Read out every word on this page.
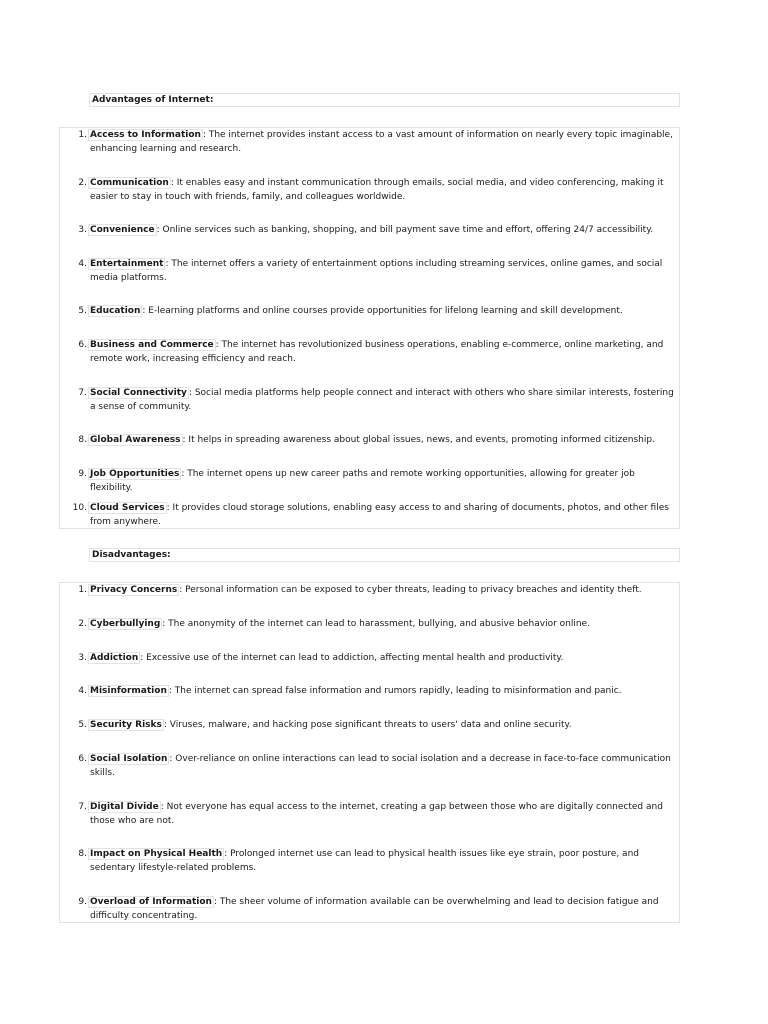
Advantages of Internet:
1. Access to Information : The internet provides instant access to a vast amount of information on nearly every topic imaginable, enhancing learning and research.
2. Communication : It enables easy and instant communication through emails, social media, and video conferencing, making it easier to stay in touch with friends, family, and colleagues worldwide.
3. Convenience : Online services such as banking, shopping, and bill payment save time and effort, offering 24/7 accessibility.
4. Entertainment : The internet offers a variety of entertainment options including streaming services, online games, and social media platforms.
5. Education : E-learning platforms and online courses provide opportunities for lifelong learning and skill development.
6. Business and Commerce : The internet has revolutionized business operations, enabling e-commerce, online marketing, and remote work, increasing efficiency and reach.
7. Social Connectivity : Social media platforms help people connect and interact with others who share similar interests, fostering a sense of community.
8. Global Awareness : It helps in spreading awareness about global issues, news, and events, promoting informed citizenship.
9. Job Opportunities : The internet opens up new career paths and remote working opportunities, allowing for greater job flexibility.
10. Cloud Services : It provides cloud storage solutions, enabling easy access to and sharing of documents, photos, and other files from anywhere.
Disadvantages:
1. Privacy Concerns : Personal information can be exposed to cyber threats, leading to privacy breaches and identity theft.
2. Cyberbullying : The anonymity of the internet can lead to harassment, bullying, and abusive behavior online.
3. Addiction : Excessive use of the internet can lead to addiction, affecting mental health and productivity.
4. Misinformation : The internet can spread false information and rumors rapidly, leading to misinformation and panic.
5. Security Risks : Viruses, malware, and hacking pose significant threats to users' data and online security.
6. Social Isolation : Over-reliance on online interactions can lead to social isolation and a decrease in face-to-face communication skills.
7. Digital Divide : Not everyone has equal access to the internet, creating a gap between those who are digitally connected and those who are not.
8. Impact on Physical Health : Prolonged internet use can lead to physical health issues like eye strain, poor posture, and sedentary lifestyle-related problems.
9. Overload of Information : The sheer volume of information available can be overwhelming and lead to decision fatigue and difficulty concentrating.
